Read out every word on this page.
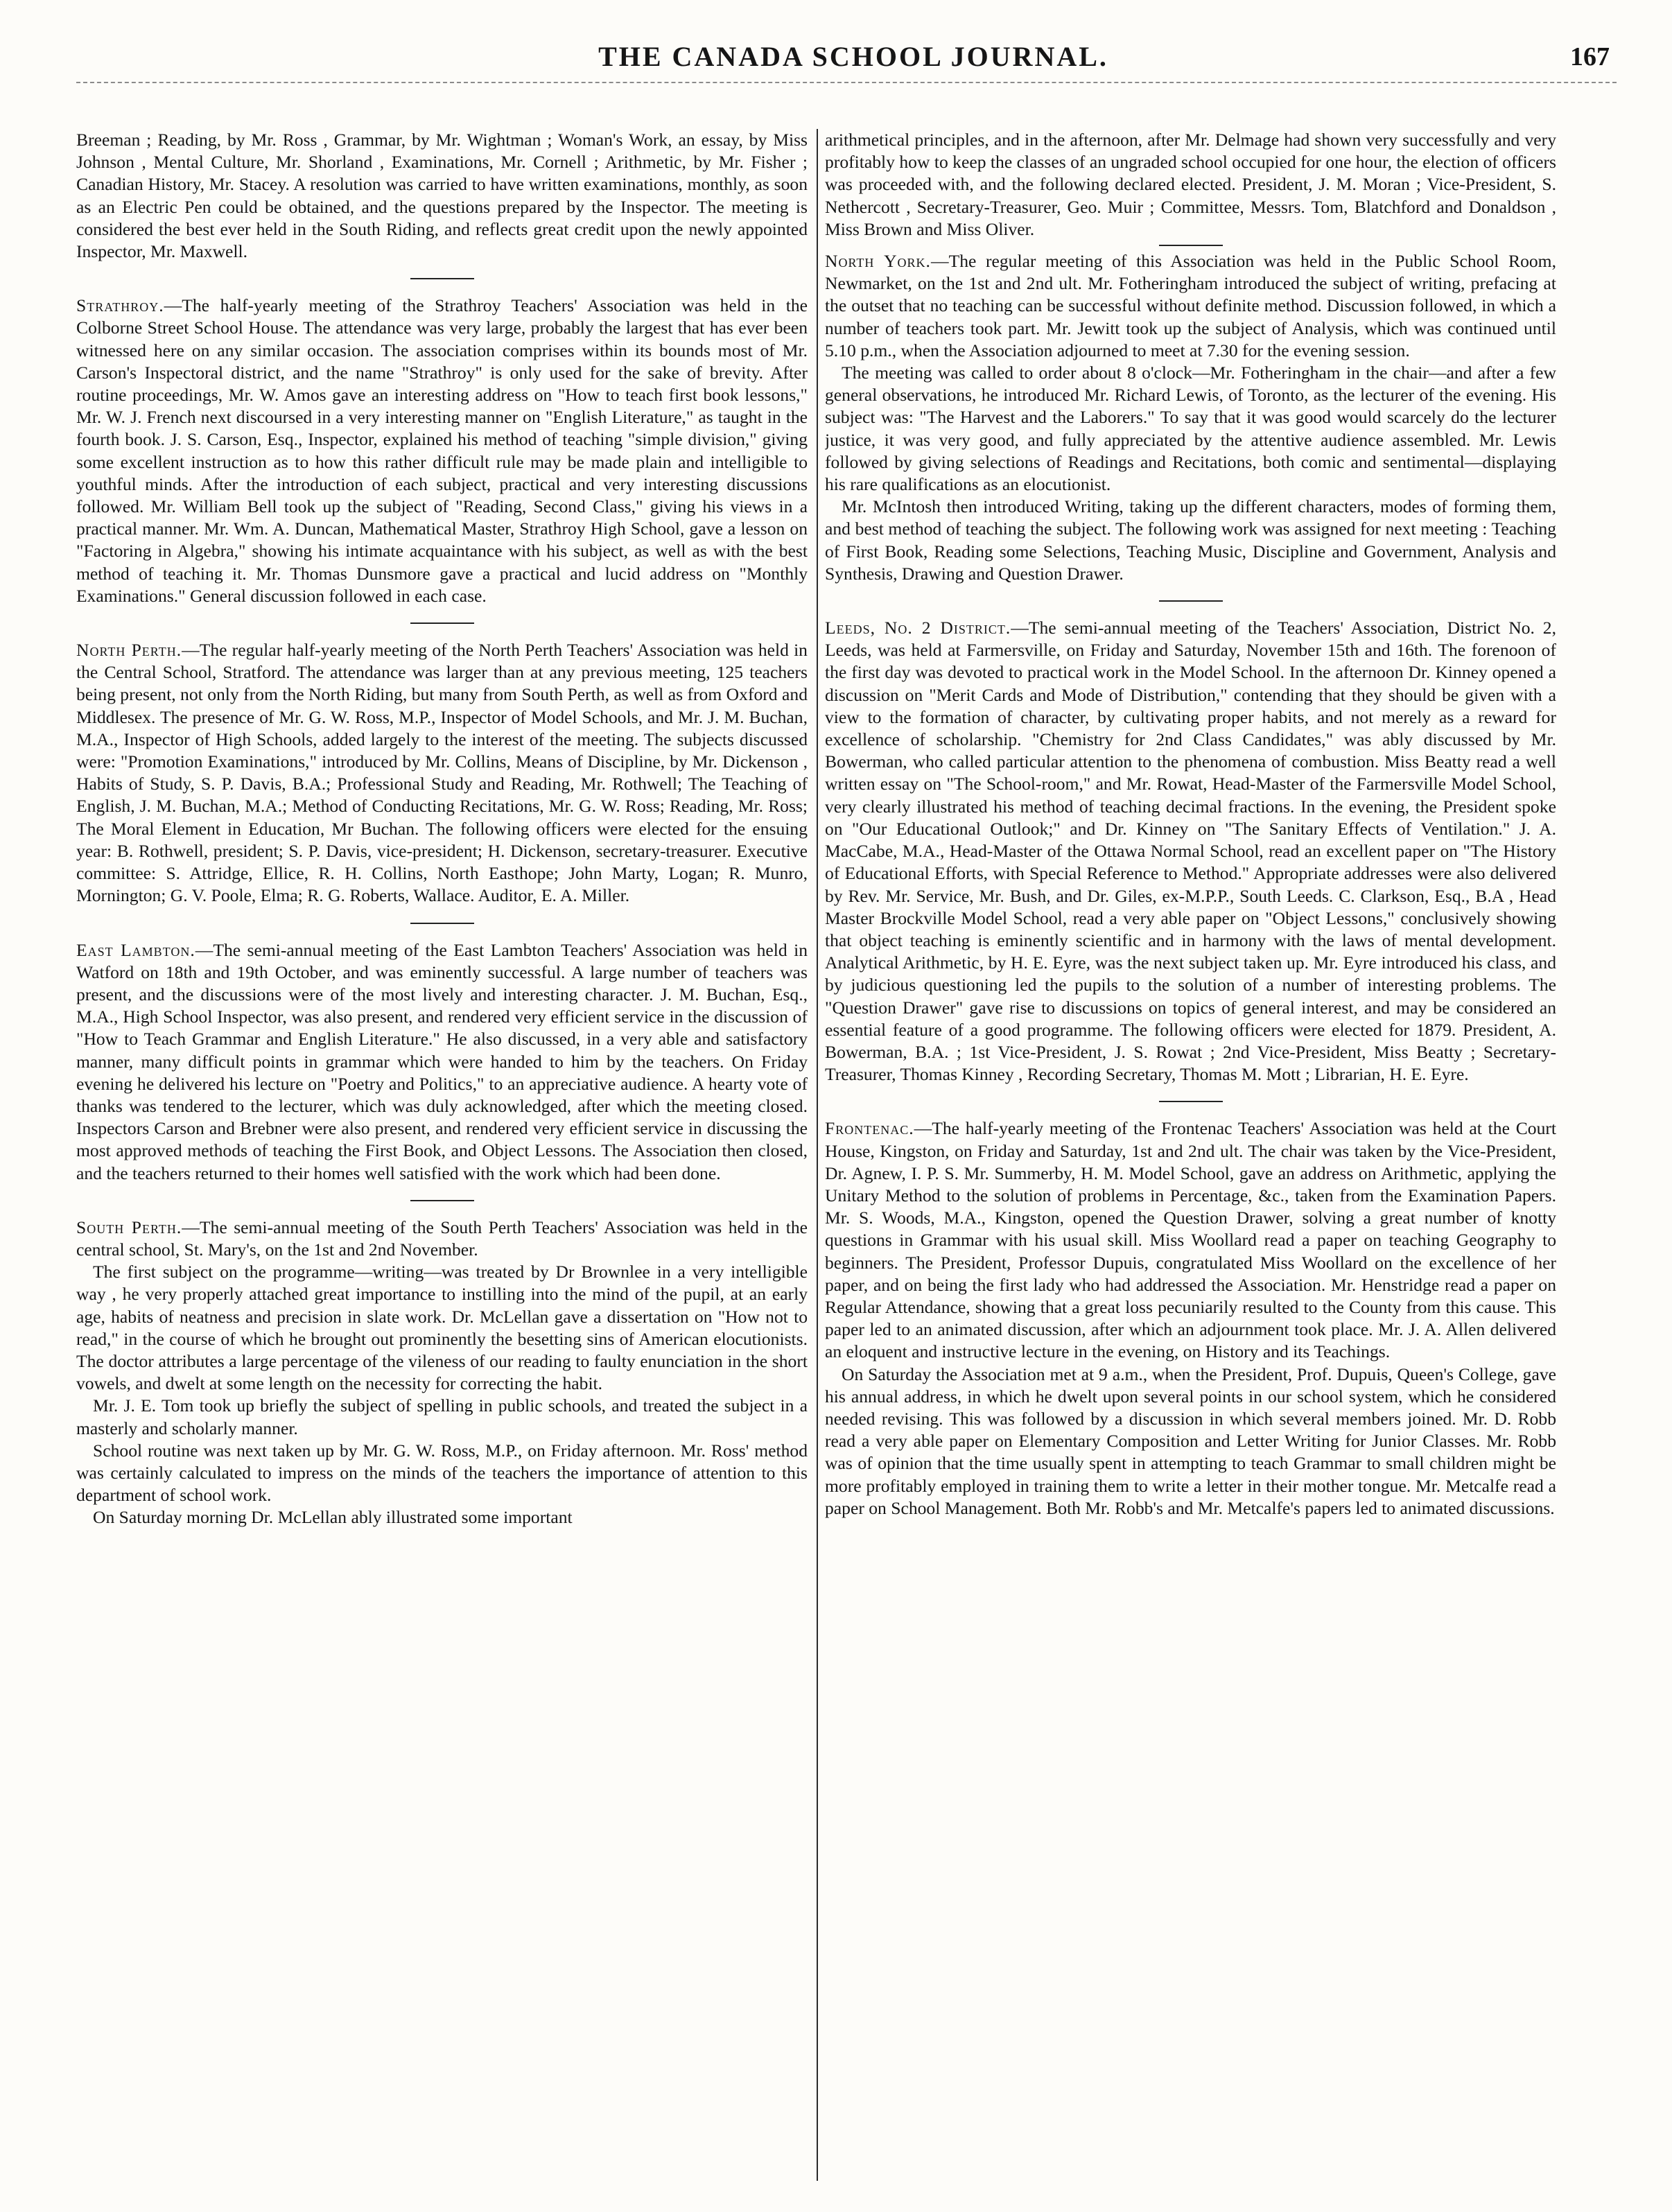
THE CANADA SCHOOL JOURNAL.	167

Breeman ; Reading, by Mr. Ross , Grammar, by Mr. Wightman ; Woman's Work, an essay, by Miss Johnson , Mental Culture, Mr. Shorland , Examinations, Mr. Cornell ; Arithmetic, by Mr. Fisher ; Canadian History, Mr. Stacey. A resolution was carried to have written examinations, monthly, as soon as an Electric Pen could be obtained, and the questions prepared by the Inspector. The meeting is considered the best ever held in the South Riding, and reflects great credit upon the newly appointed Inspector, Mr. Maxwell.

Strathroy.—The half-yearly meeting of the Strathroy Teachers' Association was held in the Colborne Street School House. The attendance was very large, probably the largest that has ever been witnessed here on any similar occasion. The association comprises within its bounds most of Mr. Carson's Inspectoral district, and the name "Strathroy" is only used for the sake of brevity. After routine proceedings, Mr. W. Amos gave an interesting address on "How to teach first book lessons," Mr. W. J. French next discoursed in a very interesting manner on "English Literature," as taught in the fourth book. J. S. Carson, Esq., Inspector, explained his method of teaching "simple division," giving some excellent instruction as to how this rather difficult rule may be made plain and intelligible to youthful minds. After the introduction of each subject, practical and very interesting discussions followed. Mr. William Bell took up the subject of "Reading, Second Class," giving his views in a practical manner. Mr. Wm. A. Duncan, Mathematical Master, Strathroy High School, gave a lesson on "Factoring in Algebra," showing his intimate acquaintance with his subject, as well as with the best method of teaching it. Mr. Thomas Dunsmore gave a practical and lucid address on "Monthly Examinations." General discussion followed in each case.

North Perth.—The regular half-yearly meeting of the North Perth Teachers' Association was held in the Central School, Stratford. The attendance was larger than at any previous meeting, 125 teachers being present, not only from the North Riding, but many from South Perth, as well as from Oxford and Middlesex. The presence of Mr. G. W. Ross, M.P., Inspector of Model Schools, and Mr. J. M. Buchan, M.A., Inspector of High Schools, added largely to the interest of the meeting. The subjects discussed were: "Promotion Examinations," introduced by Mr. Collins, Means of Discipline, by Mr. Dickenson , Habits of Study, S. P. Davis, B.A.; Professional Study and Reading, Mr. Rothwell; The Teaching of English, J. M. Buchan, M.A.; Method of Conducting Recitations, Mr. G. W. Ross; Reading, Mr. Ross; The Moral Element in Education, Mr Buchan. The following officers were elected for the ensuing year: B. Rothwell, president; S. P. Davis, vice-president; H. Dickenson, secretary-treasurer. Executive committee: S. Attridge, Ellice, R. H. Collins, North Easthope; John Marty, Logan; R. Munro, Mornington; G. V. Poole, Elma; R. G. Roberts, Wallace. Auditor, E. A. Miller.

East Lambton.—The semi-annual meeting of the East Lambton Teachers' Association was held in Watford on 18th and 19th October, and was eminently successful. A large number of teachers was present, and the discussions were of the most lively and interesting character. J. M. Buchan, Esq., M.A., High School Inspector, was also present, and rendered very efficient service in the discussion of "How to Teach Grammar and English Literature." He also discussed, in a very able and satisfactory manner, many difficult points in grammar which were handed to him by the teachers. On Friday evening he delivered his lecture on "Poetry and Politics," to an appreciative audience. A hearty vote of thanks was tendered to the lecturer, which was duly acknowledged, after which the meeting closed. Inspectors Carson and Brebner were also present, and rendered very efficient service in discussing the most approved methods of teaching the First Book, and Object Lessons. The Association then closed, and the teachers returned to their homes well satisfied with the work which had been done.

South Perth.—The semi-annual meeting of the South Perth Teachers' Association was held in the central school, St. Mary's, on the 1st and 2nd November.

The first subject on the programme—writing—was treated by Dr Brownlee in a very intelligible way , he very properly attached great importance to instilling into the mind of the pupil, at an early age, habits of neatness and precision in slate work. Dr. McLellan gave a dissertation on "How not to read," in the course of which he brought out prominently the besetting sins of American elocutionists. The doctor attributes a large percentage of the vileness of our reading to faulty enunciation in the short vowels, and dwelt at some length on the necessity for correcting the habit.

Mr. J. E. Tom took up briefly the subject of spelling in public schools, and treated the subject in a masterly and scholarly manner.

School routine was next taken up by Mr. G. W. Ross, M.P., on Friday afternoon. Mr. Ross' method was certainly calculated to impress on the minds of the teachers the importance of attention to this department of school work.

On Saturday morning Dr. McLellan ably illustrated some important

arithmetical principles, and in the afternoon, after Mr. Delmage had shown very successfully and very profitably how to keep the classes of an ungraded school occupied for one hour, the election of officers was proceeded with, and the following declared elected. President, J. M. Moran ; Vice-President, S. Nethercott , Secretary-Treasurer, Geo. Muir ; Committee, Messrs. Tom, Blatchford and Donaldson , Miss Brown and Miss Oliver.

North York.—The regular meeting of this Association was held in the Public School Room, Newmarket, on the 1st and 2nd ult. Mr. Fotheringham introduced the subject of writing, prefacing at the outset that no teaching can be successful without definite method. Discussion followed, in which a number of teachers took part. Mr. Jewitt took up the subject of Analysis, which was continued until 5.10 p.m., when the Association adjourned to meet at 7.30 for the evening session.

The meeting was called to order about 8 o'clock—Mr. Fotheringham in the chair—and after a few general observations, he introduced Mr. Richard Lewis, of Toronto, as the lecturer of the evening. His subject was: "The Harvest and the Laborers." To say that it was good would scarcely do the lecturer justice, it was very good, and fully appreciated by the attentive audience assembled. Mr. Lewis followed by giving selections of Readings and Recitations, both comic and sentimental—displaying his rare qualifications as an elocutionist.

Mr. McIntosh then introduced Writing, taking up the different characters, modes of forming them, and best method of teaching the subject. The following work was assigned for next meeting : Teaching of First Book, Reading some Selections, Teaching Music, Discipline and Government, Analysis and Synthesis, Drawing and Question Drawer.

Leeds, No. 2 District.—The semi-annual meeting of the Teachers' Association, District No. 2, Leeds, was held at Farmersville, on Friday and Saturday, November 15th and 16th. The forenoon of the first day was devoted to practical work in the Model School. In the afternoon Dr. Kinney opened a discussion on "Merit Cards and Mode of Distribution," contending that they should be given with a view to the formation of character, by cultivating proper habits, and not merely as a reward for excellence of scholarship. "Chemistry for 2nd Class Candidates," was ably discussed by Mr. Bowerman, who called particular attention to the phenomena of combustion. Miss Beatty read a well written essay on "The School-room," and Mr. Rowat, Head-Master of the Farmersville Model School, very clearly illustrated his method of teaching decimal fractions. In the evening, the President spoke on "Our Educational Outlook;" and Dr. Kinney on "The Sanitary Effects of Ventilation." J. A. MacCabe, M.A., Head-Master of the Ottawa Normal School, read an excellent paper on "The History of Educational Efforts, with Special Reference to Method." Appropriate addresses were also delivered by Rev. Mr. Service, Mr. Bush, and Dr. Giles, ex-M.P.P., South Leeds. C. Clarkson, Esq., B.A , Head Master Brockville Model School, read a very able paper on "Object Lessons," conclusively showing that object teaching is eminently scientific and in harmony with the laws of mental development. Analytical Arithmetic, by H. E. Eyre, was the next subject taken up. Mr. Eyre introduced his class, and by judicious questioning led the pupils to the solution of a number of interesting problems. The "Question Drawer" gave rise to discussions on topics of general interest, and may be considered an essential feature of a good programme. The following officers were elected for 1879. President, A. Bowerman, B.A. ; 1st Vice-President, J. S. Rowat ; 2nd Vice-President, Miss Beatty ; Secretary-Treasurer, Thomas Kinney , Recording Secretary, Thomas M. Mott ; Librarian, H. E. Eyre.

Frontenac.—The half-yearly meeting of the Frontenac Teachers' Association was held at the Court House, Kingston, on Friday and Saturday, 1st and 2nd ult. The chair was taken by the Vice-President, Dr. Agnew, I. P. S. Mr. Summerby, H. M. Model School, gave an address on Arithmetic, applying the Unitary Method to the solution of problems in Percentage, &c., taken from the Examination Papers. Mr. S. Woods, M.A., Kingston, opened the Question Drawer, solving a great number of knotty questions in Grammar with his usual skill. Miss Woollard read a paper on teaching Geography to beginners. The President, Professor Dupuis, congratulated Miss Woollard on the excellence of her paper, and on being the first lady who had addressed the Association. Mr. Henstridge read a paper on Regular Attendance, showing that a great loss pecuniarily resulted to the County from this cause. This paper led to an animated discussion, after which an adjournment took place. Mr. J. A. Allen delivered an eloquent and instructive lecture in the evening, on History and its Teachings.

On Saturday the Association met at 9 a.m., when the President, Prof. Dupuis, Queen's College, gave his annual address, in which he dwelt upon several points in our school system, which he considered needed revising. This was followed by a discussion in which several members joined. Mr. D. Robb read a very able paper on Elementary Composition and Letter Writing for Junior Classes. Mr. Robb was of opinion that the time usually spent in attempting to teach Grammar to small children might be more profitably employed in training them to write a letter in their mother tongue. Mr. Metcalfe read a paper on School Management. Both Mr. Robb's and Mr. Metcalfe's papers led to animated discussions.
